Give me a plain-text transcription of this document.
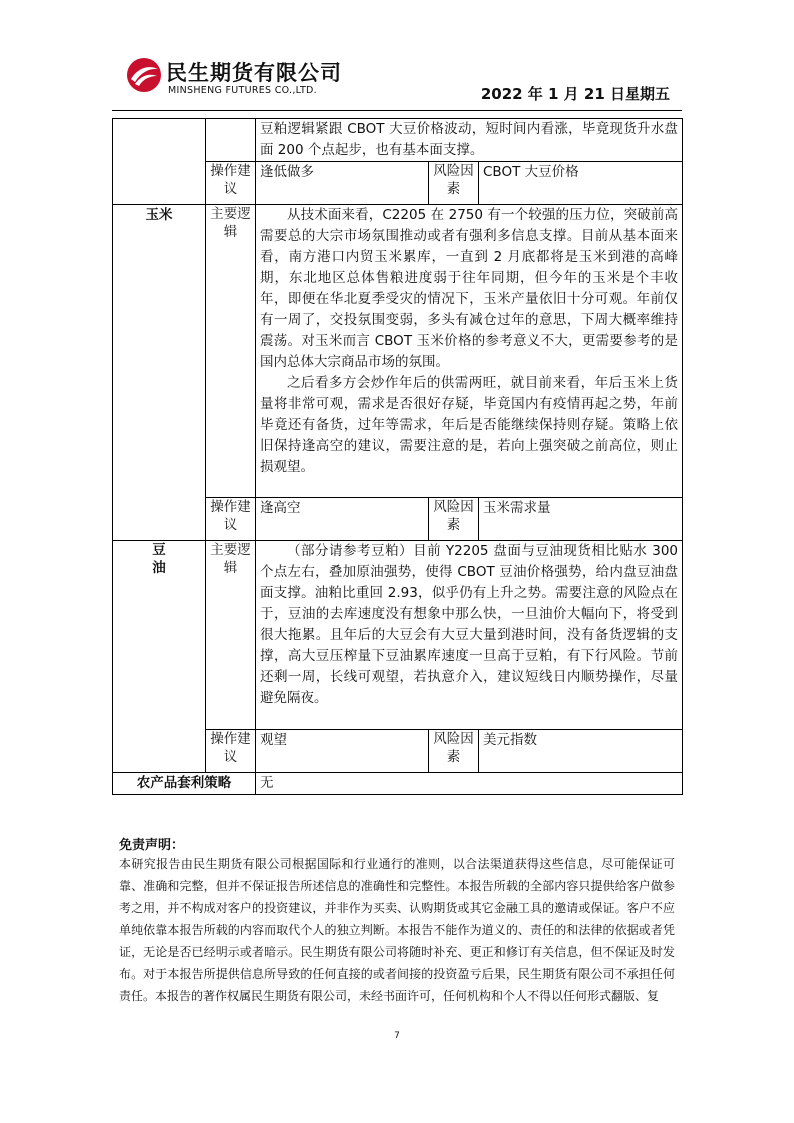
民生期货有限公司
MINSHENG FUTURES CO.,LTD.	2022 年 1 月 21 日星期五
		豆粕逻辑紧跟 CBOT 大豆价格波动，短时间内看涨，毕竟现货升水盘面 200 个点起步，也有基本面支撑。		
	操作建议	逢低做多	风险因素	CBOT 大豆价格
玉米	主要逻辑	从技术面来看，C2205 在 2750 有一个较强的压力位，突破前高需要总的大宗市场氛围推动或者有强利多信息支撑。目前从基本面来看，南方港口内贸玉米累库，一直到 2 月底都将是玉米到港的高峰期，东北地区总体售粮进度弱于往年同期，但今年的玉米是个丰收年，即便在华北夏季受灾的情况下，玉米产量依旧十分可观。年前仅有一周了，交投氛围变弱，多头有减仓过年的意思，下周大概率维持震荡。对玉米而言 CBOT 玉米价格的参考意义不大，更需要参考的是国内总体大宗商品市场的氛围。

之后看多方会炒作年后的供需两旺，就目前来看，年后玉米上货量将非常可观，需求是否很好存疑，毕竟国内有疫情再起之势，年前毕竟还有备货，过年等需求，年后是否能继续保持则存疑。策略上依旧保持逢高空的建议，需要注意的是，若向上强突破之前高位，则止损观望。		

	操作建议	逢高空	风险因素	玉米需求量
豆油	主要逻辑	（部分请参考豆粕）目前 Y2205 盘面与豆油现货相比贴水 300 个点左右，叠加原油强势，使得 CBOT 豆油价格强势，给内盘豆油盘面支撑。油粕比重回 2.93，似乎仍有上升之势。需要注意的风险点在于，豆油的去库速度没有想象中那么快，一旦油价大幅向下，将受到很大拖累。且年后的大豆会有大豆大量到港时间，没有备货逻辑的支撑，高大豆压榨量下豆油累库速度一旦高于豆粕，有下行风险。节前还剩一周，长线可观望，若执意介入，建议短线日内顺势操作，尽量避免隔夜。		

	操作建议	观望	风险因素	美元指数
农产品套利策略		无		
免责声明：
本研究报告由民生期货有限公司根据国际和行业通行的准则，以合法渠道获得这些信息，尽可能保证可靠、准确和完整，但并不保证报告所述信息的准确性和完整性。本报告所载的全部内容只提供给客户做参考之用，并不构成对客户的投资建议，并非作为买卖、认购期货或其它金融工具的邀请或保证。客户不应单纯依靠本报告所载的内容而取代个人的独立判断。本报告不能作为道义的、责任的和法律的依据或者凭证，无论是否已经明示或者暗示。民生期货有限公司将随时补充、更正和修订有关信息，但不保证及时发布。对于本报告所提供信息所导致的任何直接的或者间接的投资盈亏后果，民生期货有限公司不承担任何责任。本报告的著作权属民生期货有限公司，未经书面许可，任何机构和个人不得以任何形式翻版、复
7
